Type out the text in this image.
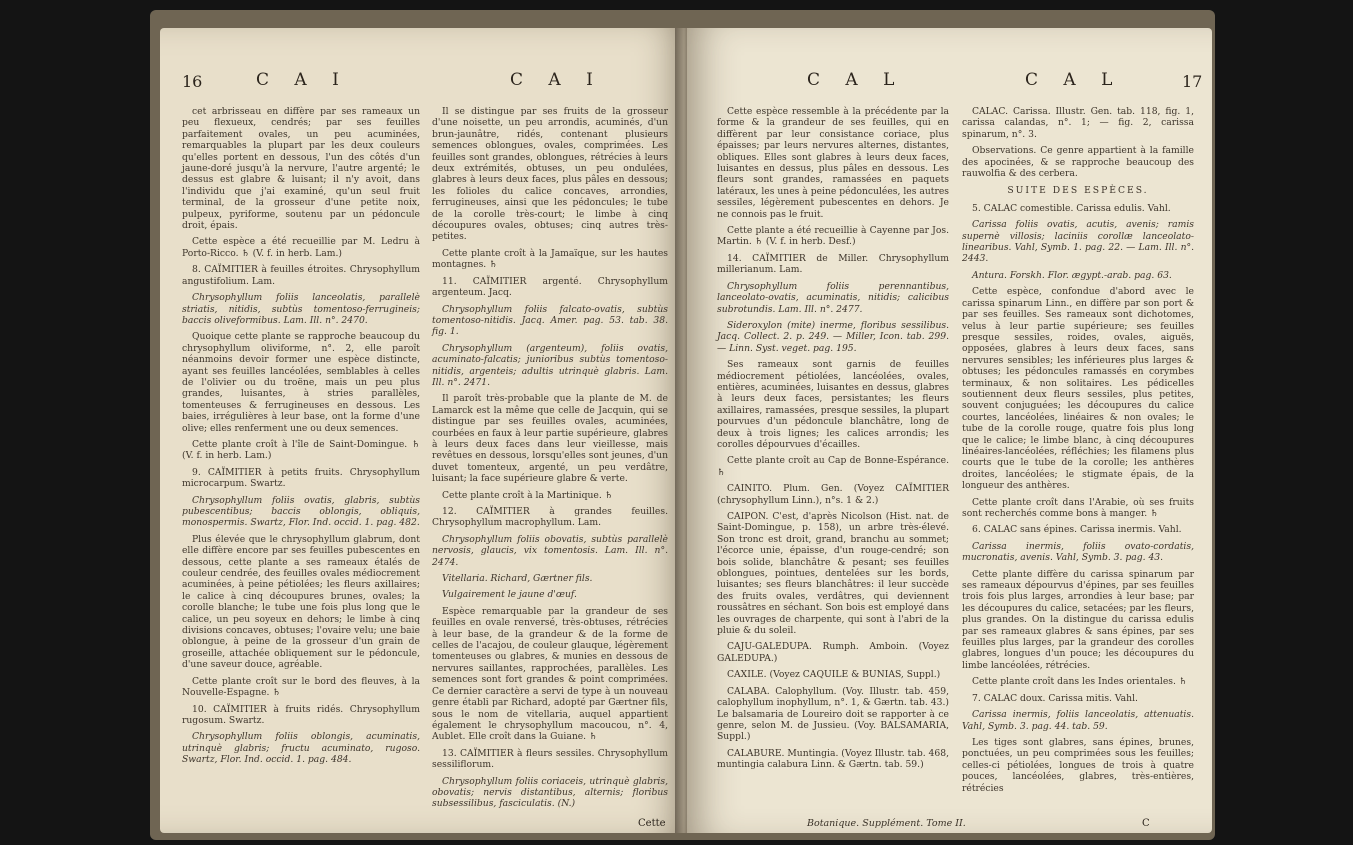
16	C A I	C A I

cet arbrisseau en diffère par ses rameaux un peu flexueux, cendrés; par ses feuilles parfaitement ovales, un peu acuminées, remarquables la plupart par les deux couleurs qu'elles portent en dessous, l'un des côtés d'un jaune-doré jusqu'à la nervure, l'autre argenté; le dessus est glabre & luisant; il n'y avoit, dans l'individu que j'ai examiné, qu'un seul fruit terminal, de la grosseur d'une petite noix, pulpeux, pyriforme, soutenu par un pédoncule droit, épais.

Cette espèce a été recueillie par M. Ledru à Porto-Ricco. ♄ (V. f. in herb. Lam.)

8. CAÏMITIER à feuilles étroites. Chrysophyllum angustifolium. Lam.

Chrysophyllum foliis lanceolatis, parallelè striatis, nitidis, subtùs tomentoso-ferrugineis; baccis oliveformibus. Lam. Ill. n°. 2470.

Quoique cette plante se rapproche beaucoup du chrysophyllum oliviforme, n°. 2, elle paroît néanmoins devoir former une espèce distincte, ayant ses feuilles lancéolées, semblables à celles de l'olivier ou du troëne, mais un peu plus grandes, luisantes, à stries parallèles, tomenteuses & ferrugineuses en dessous. Les baies, irrégulières à leur base, ont la forme d'une olive; elles renferment une ou deux semences.

Cette plante croît à l'île de Saint-Domingue. ♄ (V. f. in herb. Lam.)

9. CAÏMITIER à petits fruits. Chrysophyllum microcarpum. Swartz.

Chrysophyllum foliis ovatis, glabris, subtùs pubescentibus; baccis oblongis, obliquis, monospermis. Swartz, Flor. Ind. occid. 1. pag. 482.

Plus élevée que le chrysophyllum glabrum, dont elle diffère encore par ses feuilles pubescentes en dessous, cette plante a ses rameaux étalés de couleur cendrée, des feuilles ovales médiocrement acuminées, à peine pétiolées; les fleurs axillaires; le calice à cinq découpures brunes, ovales; la corolle blanche; le tube une fois plus long que le calice, un peu soyeux en dehors; le limbe à cinq divisions concaves, obtuses; l'ovaire velu; une baie oblongue, à peine de la grosseur d'un grain de groseille, attachée obliquement sur le pédoncule, d'une saveur douce, agréable.

Cette plante croît sur le bord des fleuves, à la Nouvelle-Espagne. ♄

10. CAÏMITIER à fruits ridés. Chrysophyllum rugosum. Swartz.

Chrysophyllum foliis oblongis, acuminatis, utrinquè glabris; fructu acuminato, rugoso. Swartz, Flor. Ind. occid. 1. pag. 484.

Il se distingue par ses fruits de la grosseur d'une noisette, un peu arrondis, acuminés, d'un brun-jaunâtre, ridés, contenant plusieurs semences oblongues, ovales, comprimées. Les feuilles sont grandes, oblongues, rétrécies à leurs deux extrémités, obtuses, un peu ondulées, glabres à leurs deux faces, plus pâles en dessous; les folioles du calice concaves, arrondies, ferrugineuses, ainsi que les pédoncules; le tube de la corolle très-court; le limbe à cinq découpures ovales, obtuses; cinq autres très-petites.

Cette plante croît à la Jamaïque, sur les hautes montagnes. ♄

11. CAÏMITIER argenté. Chrysophyllum argenteum. Jacq.

Chrysophyllum foliis falcato-ovatis, subtùs tomentoso-nitidis. Jacq. Amer. pag. 53. tab. 38. fig. 1.

Chrysophyllum (argenteum), foliis ovatis, acuminato-falcatis; junioribus subtùs tomentoso-nitidis, argenteis; adultis utrinquè glabris. Lam. Ill. n°. 2471.

Il paroît très-probable que la plante de M. de Lamarck est la même que celle de Jacquin, qui se distingue par ses feuilles ovales, acuminées, courbées en faux à leur partie supérieure, glabres à leurs deux faces dans leur vieillesse, mais revêtues en dessous, lorsqu'elles sont jeunes, d'un duvet tomenteux, argenté, un peu verdâtre, luisant; la face supérieure glabre & verte.

Cette plante croît à la Martinique. ♄

12. CAÏMITIER à grandes feuilles. Chrysophyllum macrophyllum. Lam.

Chrysophyllum foliis obovatis, subtùs parallelè nervosis, glaucis, vix tomentosis. Lam. Ill. n°. 2474.

Vitellaria. Richard, Gærtner fils.

Vulgairement le jaune d'œuf.

Espèce remarquable par la grandeur de ses feuilles en ovale renversé, très-obtuses, rétrécies à leur base, de la grandeur & de la forme de celles de l'acajou, de couleur glauque, légèrement tomenteuses ou glabres, & munies en dessous de nervures saillantes, rapprochées, parallèles. Les semences sont fort grandes & point comprimées. Ce dernier caractère a servi de type à un nouveau genre établi par Richard, adopté par Gærtner fils, sous le nom de vitellaria, auquel appartient également le chrysophyllum macoucou, n°. 4, Aublet. Elle croît dans la Guiane. ♄

13. CAÏMITIER à fleurs sessiles. Chrysophyllum sessiliflorum.

Chrysophyllum foliis coriaceis, utrinquè glabris, obovatis; nervis distantibus, alternis; floribus subsessilibus, fasciculatis. (N.)

Cette
C A L	C A L	17

Cette espèce ressemble à la précédente par la forme & la grandeur de ses feuilles, qui en diffèrent par leur consistance coriace, plus épaisses; par leurs nervures alternes, distantes, obliques. Elles sont glabres à leurs deux faces, luisantes en dessus, plus pâles en dessous. Les fleurs sont grandes, ramassées en paquets latéraux, les unes à peine pédonculées, les autres sessiles, légèrement pubescentes en dehors. Je ne connois pas le fruit.

Cette plante a été recueillie à Cayenne par Jos. Martin. ♄ (V. f. in herb. Desf.)

14. CAÏMITIER de Miller. Chrysophyllum millerianum. Lam.

Chrysophyllum foliis perennantibus, lanceolato-ovatis, acuminatis, nitidis; calicibus subrotundis. Lam. Ill. n°. 2477.

Sideroxylon (mite) inerme, floribus sessilibus. Jacq. Collect. 2. p. 249. — Miller, Icon. tab. 299. — Linn. Syst. veget. pag. 195.

Ses rameaux sont garnis de feuilles médiocrement pétiolées, lancéolées, ovales, entières, acuminées, luisantes en dessus, glabres à leurs deux faces, persistantes; les fleurs axillaires, ramassées, presque sessiles, la plupart pourvues d'un pédoncule blanchâtre, long de deux à trois lignes; les calices arrondis; les corolles dépourvues d'écailles.

Cette plante croît au Cap de Bonne-Espérance. ♄

CAINITO. Plum. Gen. (Voyez CAÏMITIER (chrysophyllum Linn.), n°s. 1 & 2.)

CAIPON. C'est, d'après Nicolson (Hist. nat. de Saint-Domingue, p. 158), un arbre très-élevé. Son tronc est droit, grand, branchu au sommet; l'écorce unie, épaisse, d'un rouge-cendré; son bois solide, blanchâtre & pesant; ses feuilles oblongues, pointues, dentelées sur les bords, luisantes; ses fleurs blanchâtres: il leur succède des fruits ovales, verdâtres, qui deviennent roussâtres en séchant. Son bois est employé dans les ouvrages de charpente, qui sont à l'abri de la pluie & du soleil.

CAJU-GALEDUPA. Rumph. Amboin. (Voyez GALEDUPA.)

CAXILE. (Voyez CAQUILE & BUNIAS, Suppl.)

CALABA. Calophyllum. (Voy. Illustr. tab. 459, calophyllum inophyllum, n°. 1, & Gærtn. tab. 43.) Le balsamaria de Loureiro doit se rapporter à ce genre, selon M. de Jussieu. (Voy. BALSAMARIA, Suppl.)

CALABURE. Muntingia. (Voyez Illustr. tab. 468, muntingia calabura Linn. & Gærtn. tab. 59.)

CALAC. Carissa. Illustr. Gen. tab. 118, fig. 1, carissa calandas, n°. 1; — fig. 2, carissa spinarum, n°. 3.

Observations. Ce genre appartient à la famille des apocinées, & se rapproche beaucoup des rauwolfia & des cerbera.

SUITE DES ESPÈCES.

5. CALAC comestible. Carissa edulis. Vahl.

Carissa foliis ovatis, acutis, avenis; ramis supernè villosis; laciniis corollæ lanceolato-linearibus. Vahl, Symb. 1. pag. 22. — Lam. Ill. n°. 2443.

Antura. Forskh. Flor. ægypt.-arab. pag. 63.

Cette espèce, confondue d'abord avec le carissa spinarum Linn., en diffère par son port & par ses feuilles. Ses rameaux sont dichotomes, velus à leur partie supérieure; ses feuilles presque sessiles, roides, ovales, aiguës, opposées, glabres à leurs deux faces, sans nervures sensibles; les inférieures plus larges & obtuses; les pédoncules ramassés en corymbes terminaux, & non solitaires. Les pédicelles soutiennent deux fleurs sessiles, plus petites, souvent conjuguées; les découpures du calice courtes, lancéolées, linéaires & non ovales; le tube de la corolle rouge, quatre fois plus long que le calice; le limbe blanc, à cinq découpures linéaires-lancéolées, réfléchies; les filamens plus courts que le tube de la corolle; les anthères droites, lancéolées; le stigmate épais, de la longueur des anthères.

Cette plante croît dans l'Arabie, où ses fruits sont recherchés comme bons à manger. ♄

6. CALAC sans épines. Carissa inermis. Vahl.

Carissa inermis, foliis ovato-cordatis, mucronatis, avenis. Vahl, Symb. 3. pag. 43.

Cette plante diffère du carissa spinarum par ses rameaux dépourvus d'épines, par ses feuilles trois fois plus larges, arrondies à leur base; par les découpures du calice, setacées; par les fleurs, plus grandes. On la distingue du carissa edulis par ses rameaux glabres & sans épines, par ses feuilles plus larges, par la grandeur des corolles glabres, longues d'un pouce; les découpures du limbe lancéolées, rétrécies.

Cette plante croît dans les Indes orientales. ♄

7. CALAC doux. Carissa mitis. Vahl.

Carissa inermis, foliis lanceolatis, attenuatis. Vahl, Symb. 3. pag. 44. tab. 59.

Les tiges sont glabres, sans épines, brunes, ponctuées, un peu comprimées sous les feuilles; celles-ci pétiolées, longues de trois à quatre pouces, lancéolées, glabres, très-entières, rétrécies

Botanique. Supplément. Tome II.	C
